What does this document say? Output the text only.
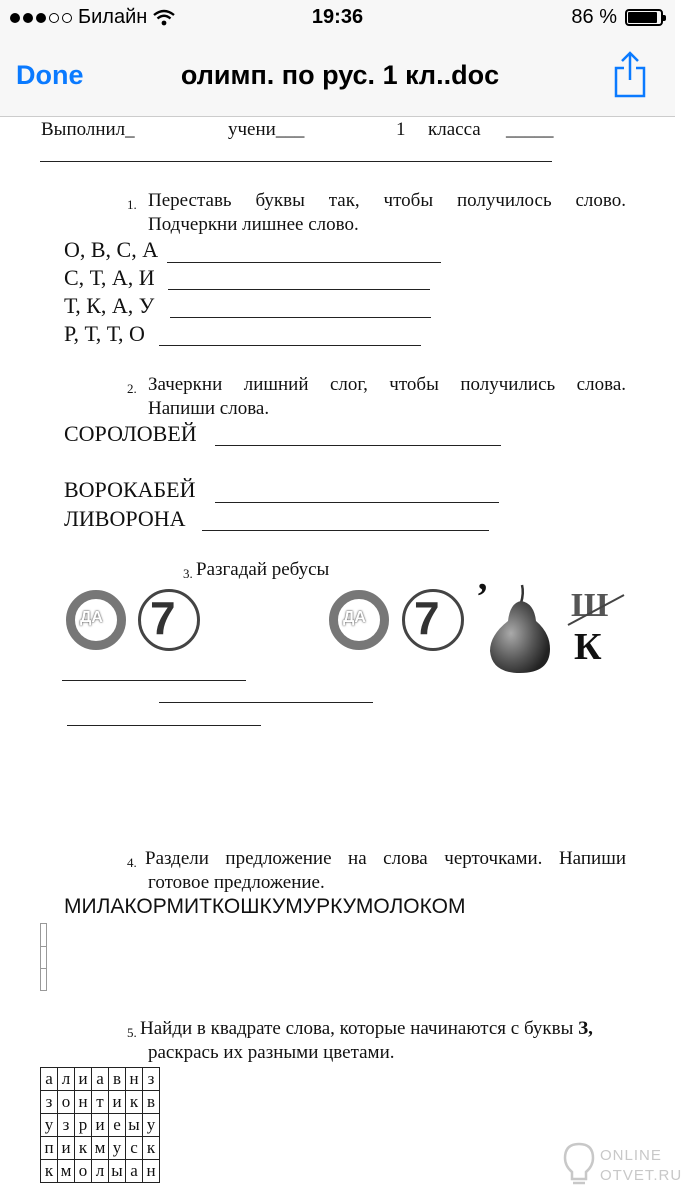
Билайн	19:36	86 %
Done	олимп. по рус. 1 кл..doc
Выполнил_	учени___	1 класса _____
1. Переставь буквы так, чтобы получилось слово.
Подчеркни лишнее слово.
О, В, С, А
С, Т, А, И
Т, К, А, У
Р, Т, Т, О
2. Зачеркни лишний слог, чтобы получились слова.
Напиши слова.
СОРОЛОВЕЙ
ВОРОКАБЕЙ
ЛИВОРОНА
3. Разгадай ребусы
ДА 7	ДА 7 ’ Ш
К
4. Раздели предложение на слова черточками. Напиши
готовое предложение.
МИЛАКОРМИТКОШКУМУРКУМОЛОКОМ
5. Найди в квадрате слова, которые начинаются с буквы З,
раскрась их разными цветами.
а	л	и	а	в	н	з
з	о	н	т	и	к	в
у	з	р	и	е	ы	у
п	и	к	м	у	с	к
к	м	о	л	ы	а	н
ONLINE
OTVET.RU
